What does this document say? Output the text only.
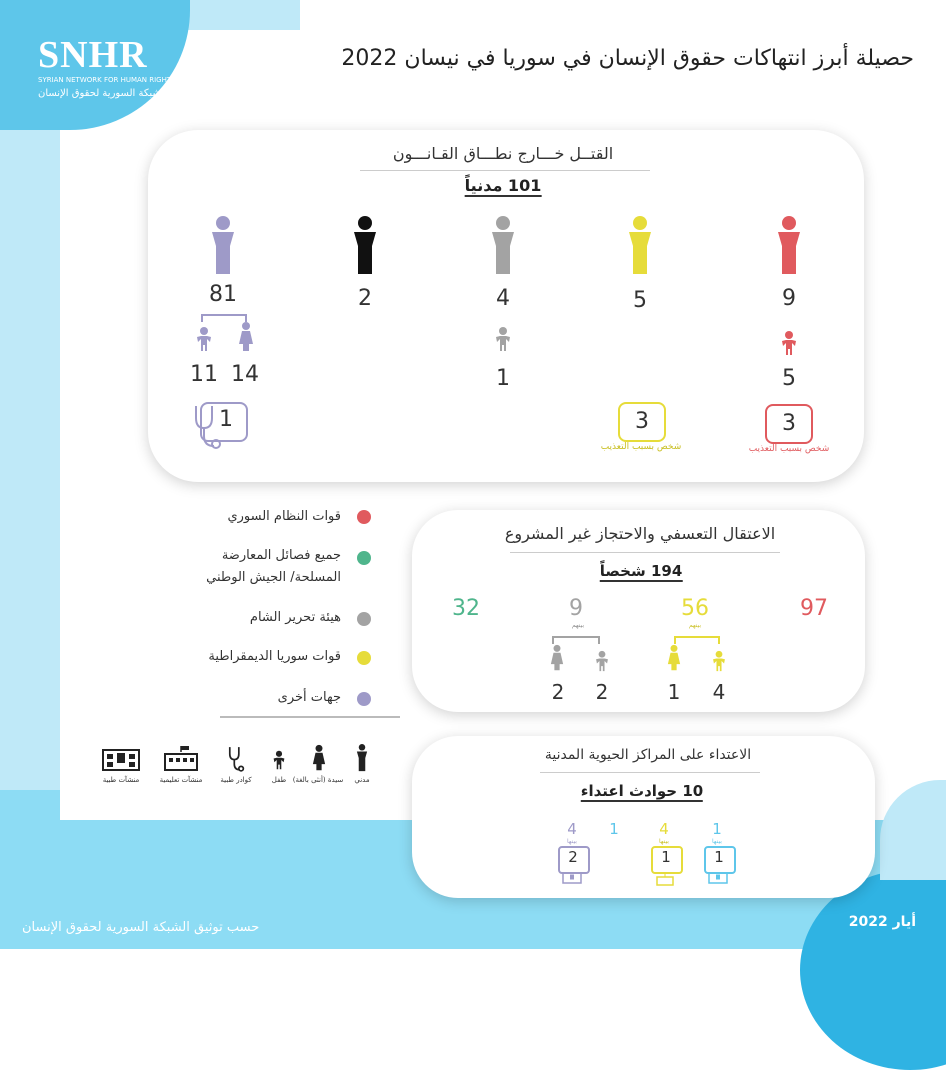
SNHR
SYRIAN NETWORK FOR HUMAN RIGHTS
الشبكة السورية لحقوق الإنسان
حصيلة أبرز انتهاكات حقوق الإنسان في سوريا في نيسان 2022
القتــل خـــارج نطـــاق القـانـــون
101 مدنياً
9
5
4
2
81
11 14	1	5
3
شخص بسبب التعذيب
3
شخص بسبب التعذيب
1
قوات النظام السوري
جميع فصائل المعارضة
المسلحة/ الجيش الوطني
هيئة تحرير الشام
قوات سوريا الديمقراطية
جهات أخرى
مدني
سيدة (أنثى بالغة)
طفل
كوادر طبية
منشآت تعليمية
منشآت طبية
الاعتقال التعسفي والاحتجاز غير المشروع
194 شخصاً
97
56
بينهم
9
بينهم
32
1 4
2 2
الاعتداء على المراكز الحيوية المدنية
10 حوادث اعتداء
1
بينها
1
4
بينها
1
1
4
بينها
2
حسب توثيق الشبكة السورية لحقوق الإنسان	أيار 2022
